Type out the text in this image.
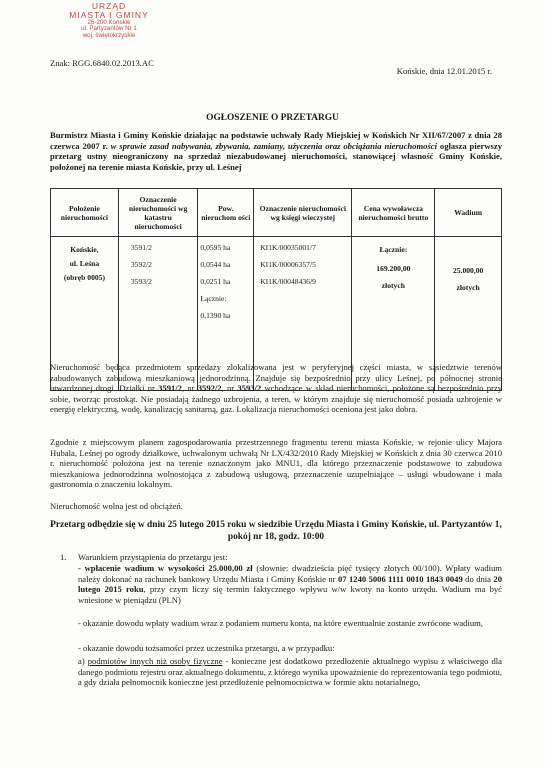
URZĄD
MIASTA I GMINY
26-200 Końskie
ul. Partyzantów Nr 1
woj. świętokrzyskie
Znak: RGG.6840.02.2013.AC
Końskie, dnia 12.01.2015 r.
OGŁOSZENIE O PRZETARGU
Burmistrz Miasta i Gminy Końskie działając na podstawie uchwały Rady Miejskiej w Końskich Nr XII/67/2007 z dnia 28 czerwca 2007 r. w sprawie zasad nabywania, zbywania, zamiany, użyczenia oraz obciążania nieruchomości ogłasza pierwszy przetarg ustny nieograniczony na sprzedaż niezabudowanej nieruchomości, stanowiącej własność Gminy Końskie, położonej na terenie miasta Końskie, przy ul. Leśnej
Położenie nieruchomości	Oznaczenie nieruchomości wg katastru nieruchomości	Pow. nieruchom ości	Oznaczenie nieruchomości wg księgi wieczystej	Cena wywoławcza nieruchomości brutto	Wadium

Końskie,
ul. Leśna
(obręb 0005)	3591/2
3592/2
3593/2	0,0595 ha
0,0544 ha
0,0251 ha
Łącznie:
0,1390 ha	KI1K/00035001/7
KI1K/00006357/5
KI1K/00048436/9	Łącznie:
169.200,00
złotych	25.000,00
złotych
Nieruchomość będąca przedmiotem sprzedaży zlokalizowana jest w peryferyjnej części miasta, w sąsiedztwie terenów zabudowanych zabudową mieszkaniową jednorodzinną. Znajduje się bezpośrednio przy ulicy Leśnej, po północnej stronie utwardzonej drogi. Działki nr 3591/2, nr 3592/2, nr 3593/2 wchodzące w skład nieruchomości, położone są bezpośrednio przy sobie, tworząc prostokąt. Nie posiadają żadnego uzbrojenia, a teren, w którym znajduje się nieruchomość posiada uzbrojenie w energię elektryczną, wodę, kanalizację sanitarną, gaz. Lokalizacja nieruchomości oceniona jest jako dobra.
Zgodnie z miejscowym planem zagospodarowania przestrzennego fragmentu terenu miasta Końskie, w rejonie ulicy Majora Hubala, Leśnej po ogrody działkowe, uchwalonym uchwałą Nr LX/432/2010 Rady Miejskiej w Końskich z dnia 30 czerwca 2010 r. nieruchomość położona jest na terenie oznaczonym jako MNU1, dla którego przeznaczenie podstawowe to zabudowa mieszkaniowa jednorodzinna wolnostojąca z zabudową usługową, przeznaczenie uzupełniające – usługi wbudowane i mała gastronomia o znaczeniu lokalnym.
Nieruchomość wolna jest od obciążeń.
Przetarg odbędzie się w dniu 25 lutego 2015 roku w siedzibie Urzędu Miasta i Gminy Końskie, ul. Partyzantów 1, pokój nr 18, godz. 10:00
1. Warunkiem przystąpienia do przetargu jest:
- wpłacenie wadium w wysokości 25.000,00 zł (słownie: dwadzieścia pięć tysięcy złotych 00/100). Wpłaty wadium należy dokonać na rachunek bankowy Urzędu Miasta i Gminy Końskie nr 07 1240 5006 1111 0010 1843 0049 do dnia 20 lutego 2015 roku, przy czym liczy się termin faktycznego wpływu w/w kwoty na konto urzędu. Wadium ma być wniesione w pieniądzu (PLN)
- okazanie dowodu wpłaty wadium wraz z podaniem numeru konta, na które ewentualnie zostanie zwrócone wadium,
- okazanie dowodu tożsamości przez uczestnika przetargu, a w przypadku:
a) podmiotów innych niż osoby fizyczne - konieczne jest dodatkowo przedłożenie aktualnego wypisu z właściwego dla danego podmiotu rejestru oraz aktualnego dokumentu, z którego wynika upoważnienie do reprezentowania tego podmiotu, a gdy działa pełnomocnik konieczne jest przedłożenie pełnomocnictwa w formie aktu notarialnego,
